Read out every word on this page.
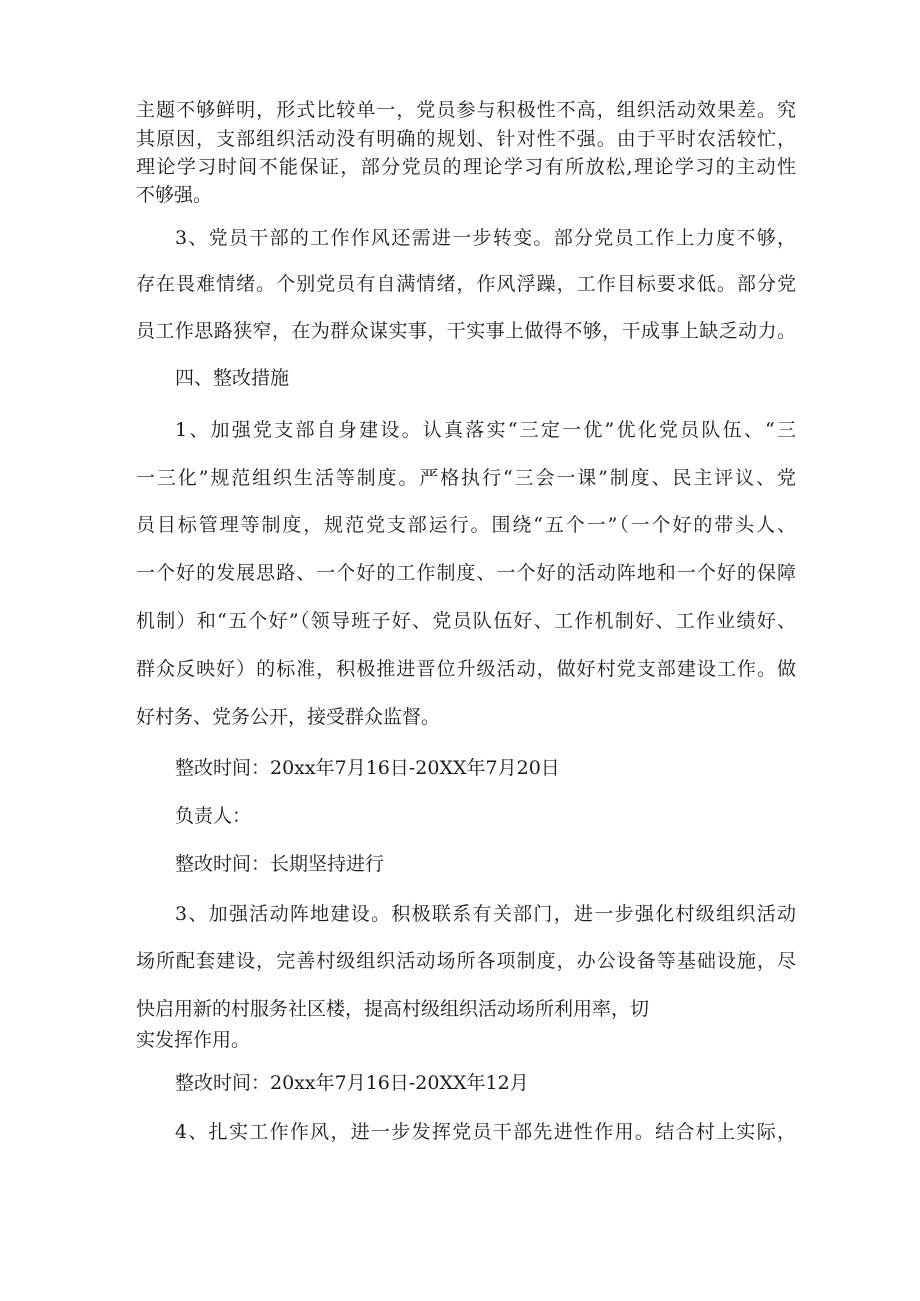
主题不够鲜明，形式比较单一，党员参与积极性不高，组织活动效果差。究
其原因，支部组织活动没有明确的规划、针对性不强。由于平时农活较忙，
理论学习时间不能保证，部分党员的理论学习有所放松,理论学习的主动性
不够强。
3、党员干部的工作作风还需进一步转变。部分党员工作上力度不够，
存在畏难情绪。个别党员有自满情绪，作风浮躁，工作目标要求低。部分党
员工作思路狭窄，在为群众谋实事，干实事上做得不够，干成事上缺乏动力。
四、整改措施
1、加强党支部自身建设。认真落实“三定一优”优化党员队伍、“三
一三化”规范组织生活等制度。严格执行“三会一课”制度、民主评议、党
员目标管理等制度，规范党支部运行。围绕“五个一”（一个好的带头人、
一个好的发展思路、一个好的工作制度、一个好的活动阵地和一个好的保障
机制）和“五个好”（领导班子好、党员队伍好、工作机制好、工作业绩好、
群众反映好）的标准，积极推进晋位升级活动，做好村党支部建设工作。做
好村务、党务公开，接受群众监督。
整改时间：20xx年7月16日-20XX年7月20日
负责人：
整改时间：长期坚持进行
3、加强活动阵地建设。积极联系有关部门，进一步强化村级组织活动
场所配套建设，完善村级组织活动场所各项制度，办公设备等基础设施，尽
快启用新的村服务社区楼，提高村级组织活动场所利用率，切
实发挥作用。
整改时间：20xx年7月16日-20XX年12月
4、扎实工作作风，进一步发挥党员干部先进性作用。结合村上实际，
